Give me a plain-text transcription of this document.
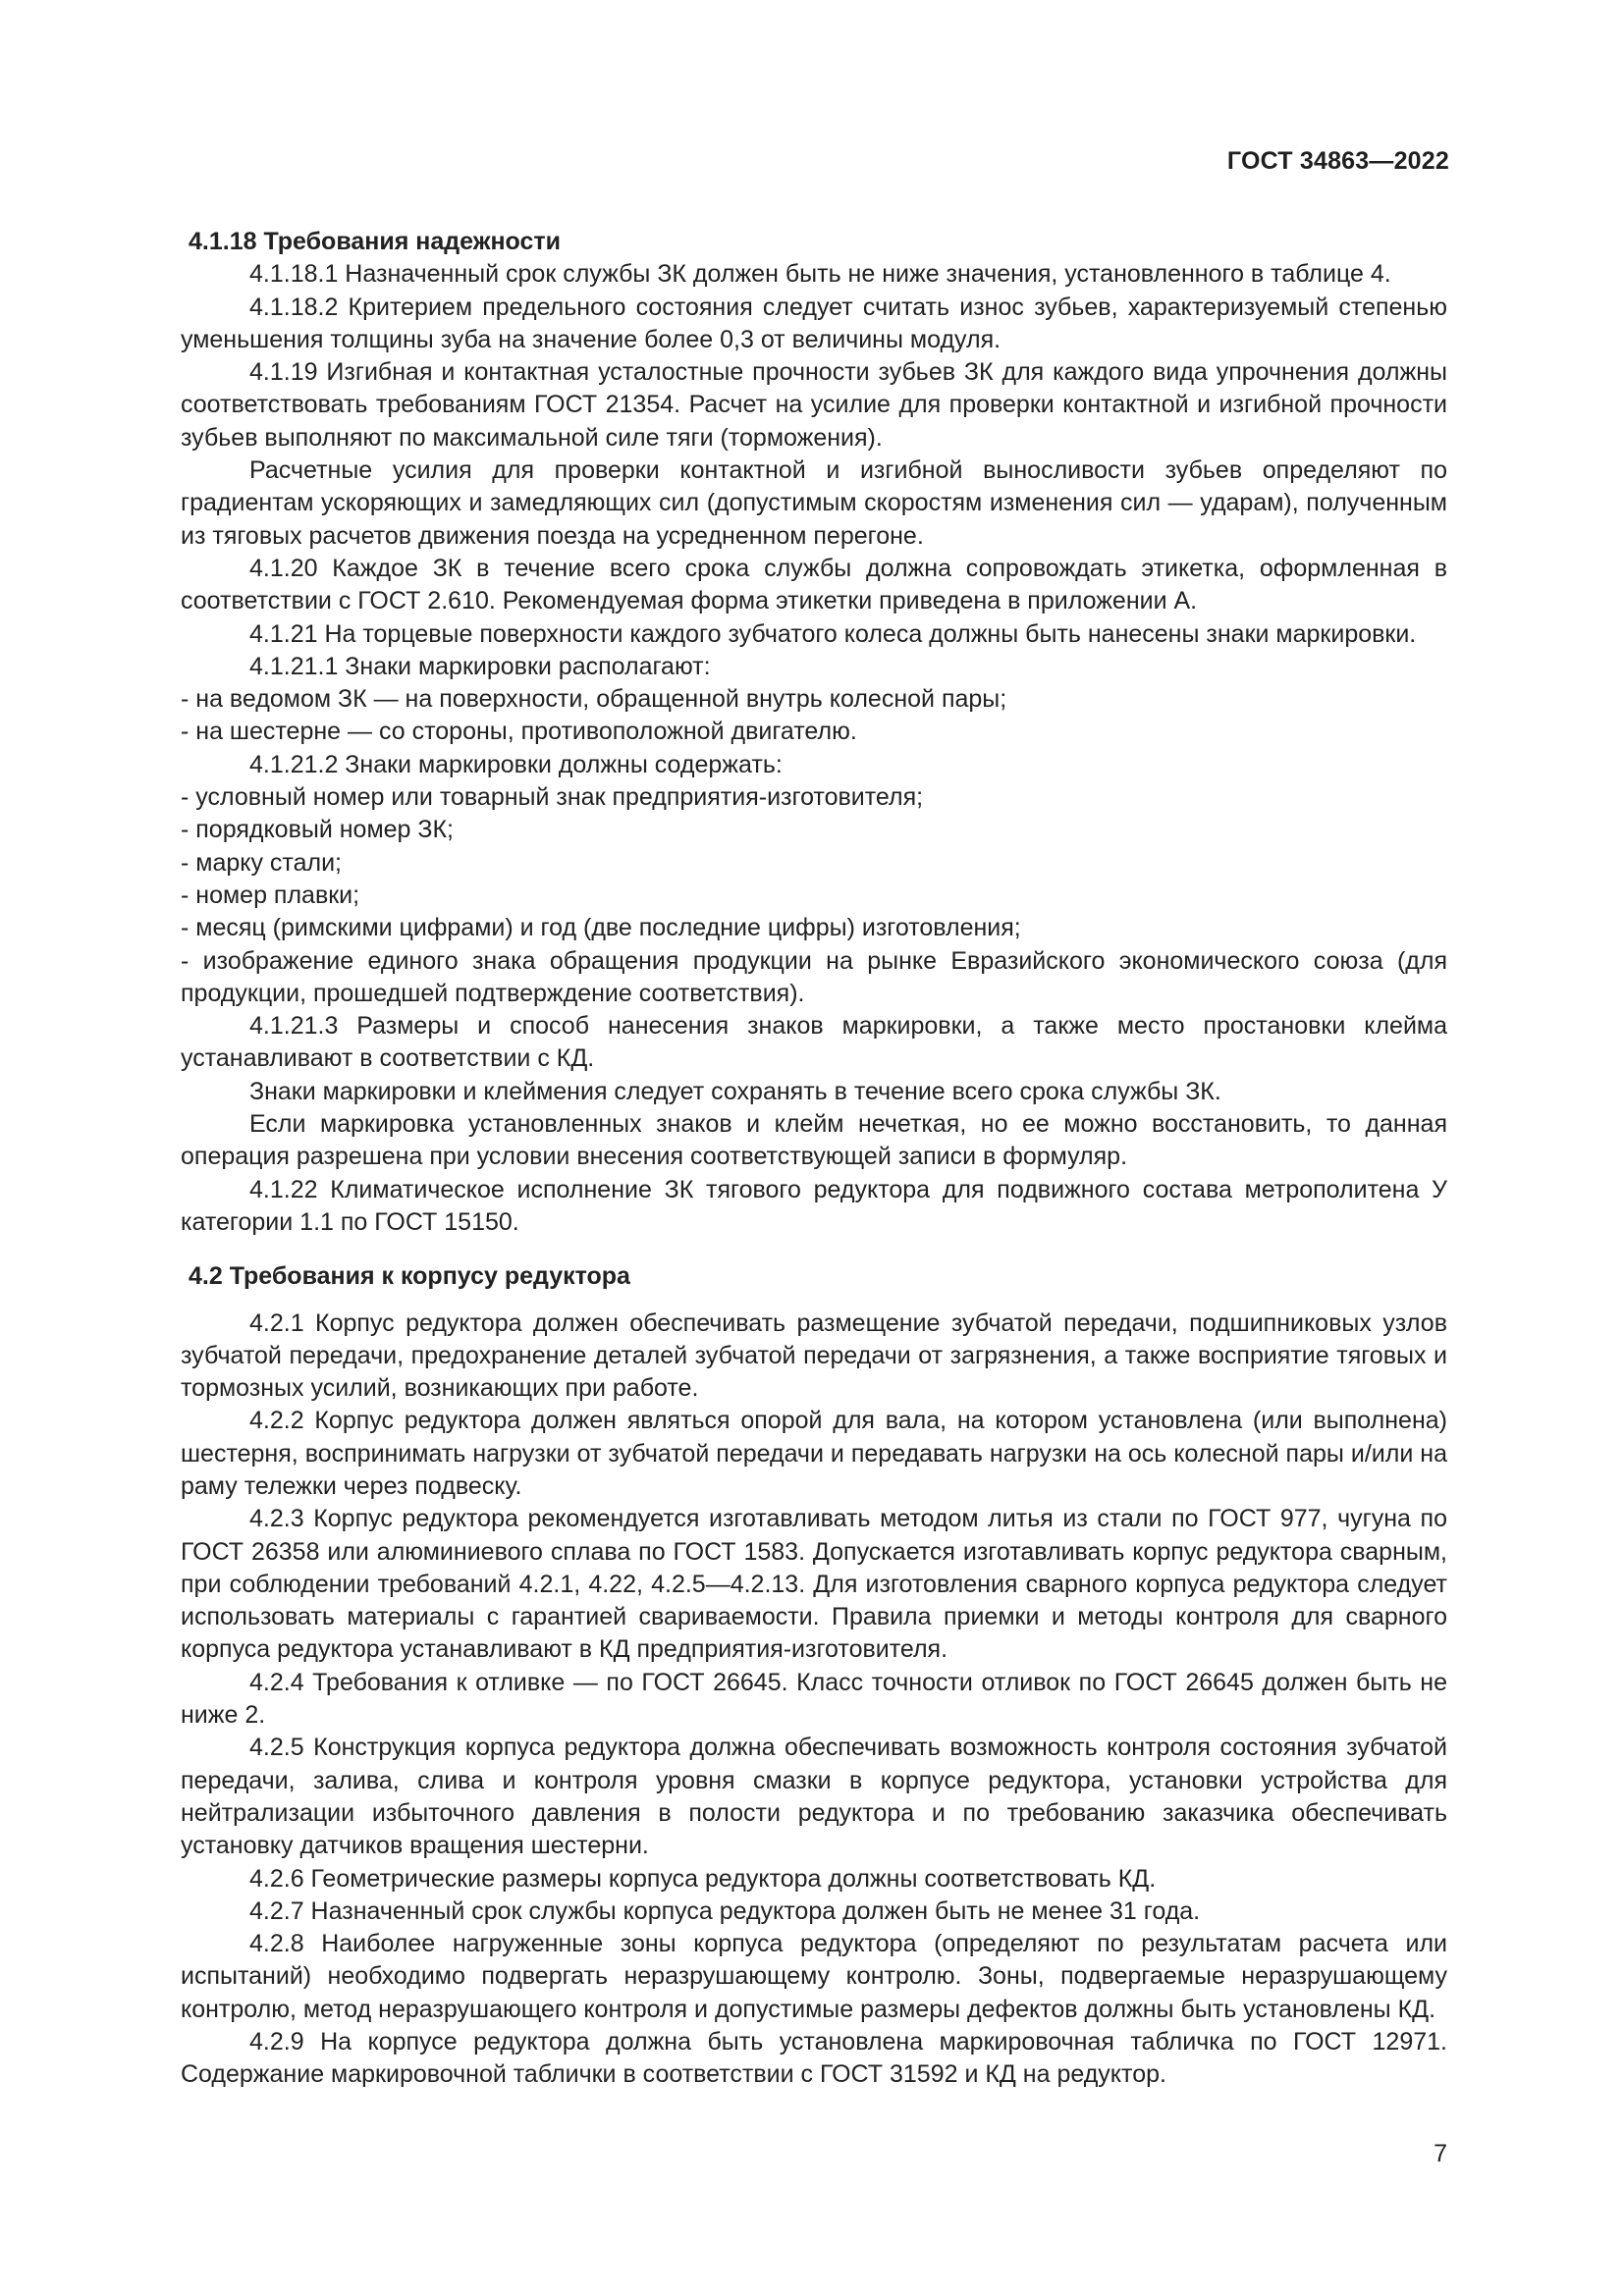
ГОСТ 34863—2022
4.1.18 Требования надежности

4.1.18.1 Назначенный срок службы ЗК должен быть не ниже значения, установленного в таблице 4.

4.1.18.2 Критерием предельного состояния следует считать износ зубьев, характеризуемый степенью уменьшения толщины зуба на значение более 0,3 от величины модуля.

4.1.19 Изгибная и контактная усталостные прочности зубьев ЗК для каждого вида упрочнения должны соответствовать требованиям ГОСТ 21354. Расчет на усилие для проверки контактной и изгибной прочности зубьев выполняют по максимальной силе тяги (торможения).

Расчетные усилия для проверки контактной и изгибной выносливости зубьев определяют по градиентам ускоряющих и замедляющих сил (допустимым скоростям изменения сил — ударам), полученным из тяговых расчетов движения поезда на усредненном перегоне.

4.1.20 Каждое ЗК в течение всего срока службы должна сопровождать этикетка, оформленная в соответствии с ГОСТ 2.610. Рекомендуемая форма этикетки приведена в приложении А.

4.1.21 На торцевые поверхности каждого зубчатого колеса должны быть нанесены знаки маркировки.

4.1.21.1 Знаки маркировки располагают:

- на ведомом ЗК — на поверхности, обращенной внутрь колесной пары;

- на шестерне — со стороны, противоположной двигателю.

4.1.21.2 Знаки маркировки должны содержать:

- условный номер или товарный знак предприятия-изготовителя;

- порядковый номер ЗК;

- марку стали;

- номер плавки;

- месяц (римскими цифрами) и год (две последние цифры) изготовления;

- изображение единого знака обращения продукции на рынке Евразийского экономического союза (для продукции, прошедшей подтверждение соответствия).

4.1.21.3 Размеры и способ нанесения знаков маркировки, а также место простановки клейма устанавливают в соответствии с КД.

Знаки маркировки и клеймения следует сохранять в течение всего срока службы ЗК.

Если маркировка установленных знаков и клейм нечеткая, но ее можно восстановить, то данная операция разрешена при условии внесения соответствующей записи в формуляр.

4.1.22 Климатическое исполнение ЗК тягового редуктора для подвижного состава метрополитена У категории 1.1 по ГОСТ 15150.

4.2 Требования к корпусу редуктора

4.2.1 Корпус редуктора должен обеспечивать размещение зубчатой передачи, подшипниковых узлов зубчатой передачи, предохранение деталей зубчатой передачи от загрязнения, а также восприятие тяговых и тормозных усилий, возникающих при работе.

4.2.2 Корпус редуктора должен являться опорой для вала, на котором установлена (или выполнена) шестерня, воспринимать нагрузки от зубчатой передачи и передавать нагрузки на ось колесной пары и/или на раму тележки через подвеску.

4.2.3 Корпус редуктора рекомендуется изготавливать методом литья из стали по ГОСТ 977, чугуна по ГОСТ 26358 или алюминиевого сплава по ГОСТ 1583. Допускается изготавливать корпус редуктора сварным, при соблюдении требований 4.2.1, 4.22, 4.2.5—4.2.13. Для изготовления сварного корпуса редуктора следует использовать материалы с гарантией свариваемости. Правила приемки и методы контроля для сварного корпуса редуктора устанавливают в КД предприятия-изготовителя.

4.2.4 Требования к отливке — по ГОСТ 26645. Класс точности отливок по ГОСТ 26645 должен быть не ниже 2.

4.2.5 Конструкция корпуса редуктора должна обеспечивать возможность контроля состояния зубчатой передачи, залива, слива и контроля уровня смазки в корпусе редуктора, установки устройства для нейтрализации избыточного давления в полости редуктора и по требованию заказчика обеспечивать установку датчиков вращения шестерни.

4.2.6 Геометрические размеры корпуса редуктора должны соответствовать КД.

4.2.7 Назначенный срок службы корпуса редуктора должен быть не менее 31 года.

4.2.8 Наиболее нагруженные зоны корпуса редуктора (определяют по результатам расчета или испытаний) необходимо подвергать неразрушающему контролю. Зоны, подвергаемые неразрушающему контролю, метод неразрушающего контроля и допустимые размеры дефектов должны быть установлены КД.

4.2.9 На корпусе редуктора должна быть установлена маркировочная табличка по ГОСТ 12971. Содержание маркировочной таблички в соответствии с ГОСТ 31592 и КД на редуктор.

7
